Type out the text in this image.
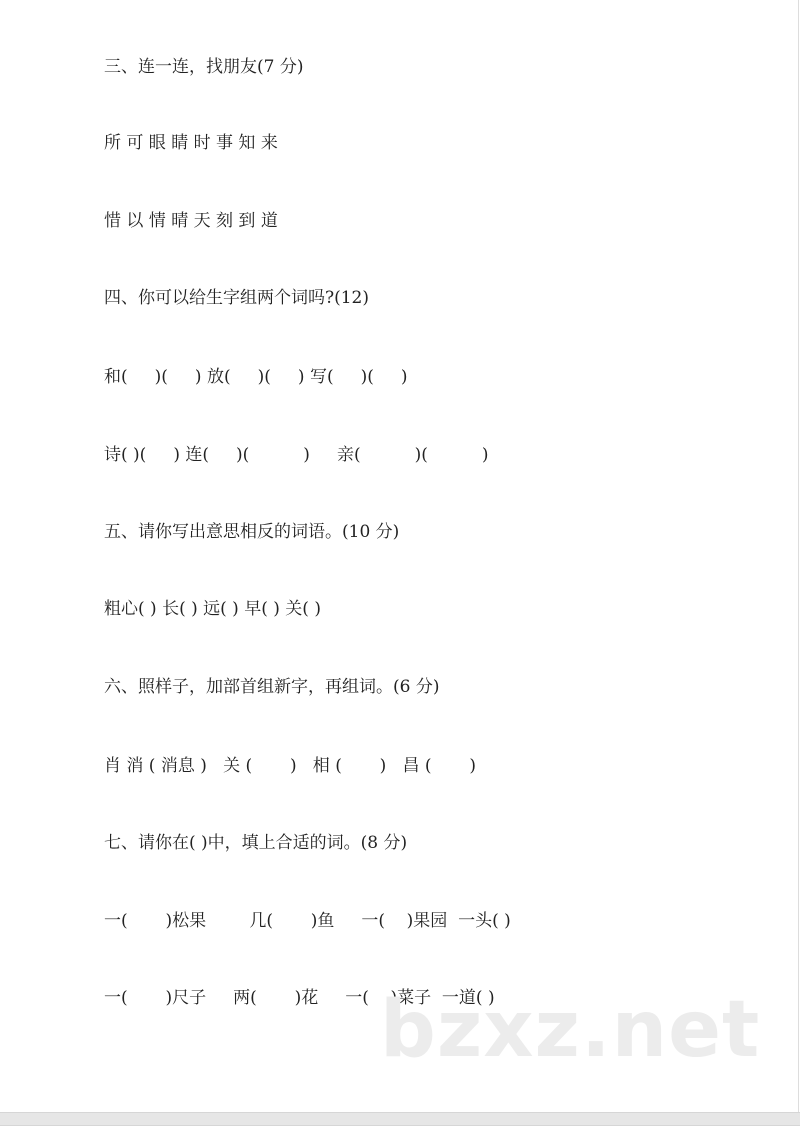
三、连一连，找朋友(7 分)
所 可 眼 睛 时 事 知 来
惜 以 情 晴 天 刻 到 道
四、你可以给生字组两个词吗?(12)
和(     )(     ) 放(     )(     ) 写(     )(     )
诗( )(     ) 连(     )(          )     亲(          )(          )
五、请你写出意思相反的词语。(10 分)
粗心( ) 长( ) 远( ) 早( ) 关( )
六、照样子，加部首组新字，再组词。(6 分)
肖 消 ( 消息 )   关 (       )   相 (       )   昌 (       )
七、请你在( )中，填上合适的词。(8 分)
一(       )松果        几(       )鱼     一(    )果园  一头( )
一(       )尺子     两(       )花     一(    )菜子  一道( )
bzxz.net
